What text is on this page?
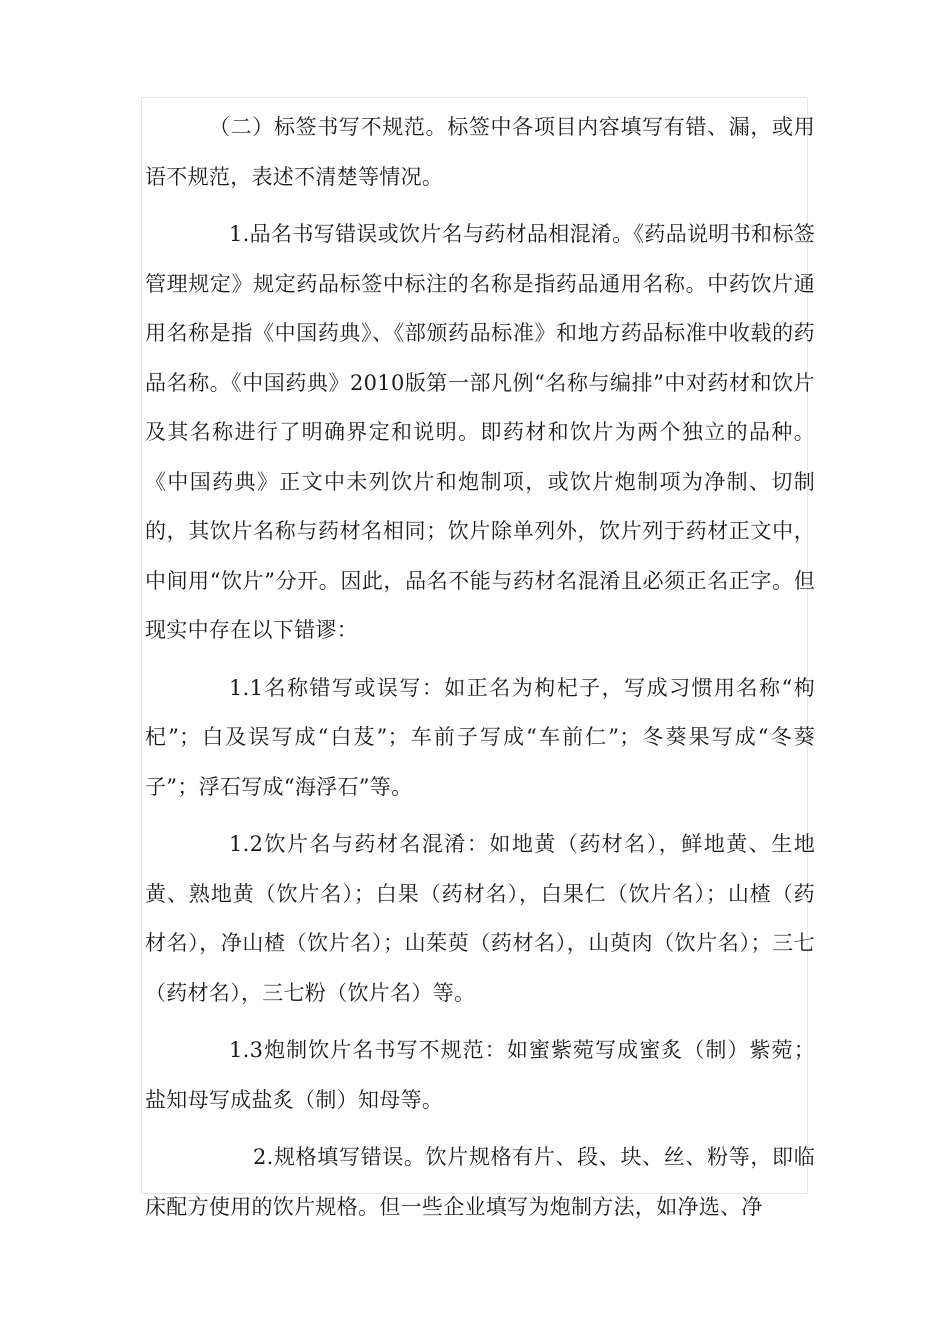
（二）标签书写不规范。标签中各项目内容填写有错、漏，或用语不规范，表述不清楚等情况。

1.品名书写错误或饮片名与药材品相混淆。《药品说明书和标签管理规定》规定药品标签中标注的名称是指药品通用名称。中药饮片通用名称是指《中国药典》、《部颁药品标准》和地方药品标准中收载的药品名称。《中国药典》2010版第一部凡例“名称与编排”中对药材和饮片及其名称进行了明确界定和说明。即药材和饮片为两个独立的品种。《中国药典》正文中未列饮片和炮制项，或饮片炮制项为净制、切制的，其饮片名称与药材名相同；饮片除单列外，饮片列于药材正文中，中间用“饮片”分开。因此，品名不能与药材名混淆且必须正名正字。但现实中存在以下错谬：

1.1名称错写或误写：如正名为枸杞子，写成习惯用名称“枸杞”；白及误写成“白芨”；车前子写成“车前仁”；冬葵果写成“冬葵子”；浮石写成“海浮石”等。

1.2饮片名与药材名混淆：如地黄（药材名），鲜地黄、生地黄、熟地黄（饮片名）；白果（药材名），白果仁（饮片名）；山楂（药材名），净山楂（饮片名）；山茱萸（药材名），山萸肉（饮片名）；三七（药材名），三七粉（饮片名）等。

1.3炮制饮片名书写不规范：如蜜紫菀写成蜜炙（制）紫菀；盐知母写成盐炙（制）知母等。

2.规格填写错误。饮片规格有片、段、块、丝、粉等，即临床配方使用的饮片规格。但一些企业填写为炮制方法，如净选、净
